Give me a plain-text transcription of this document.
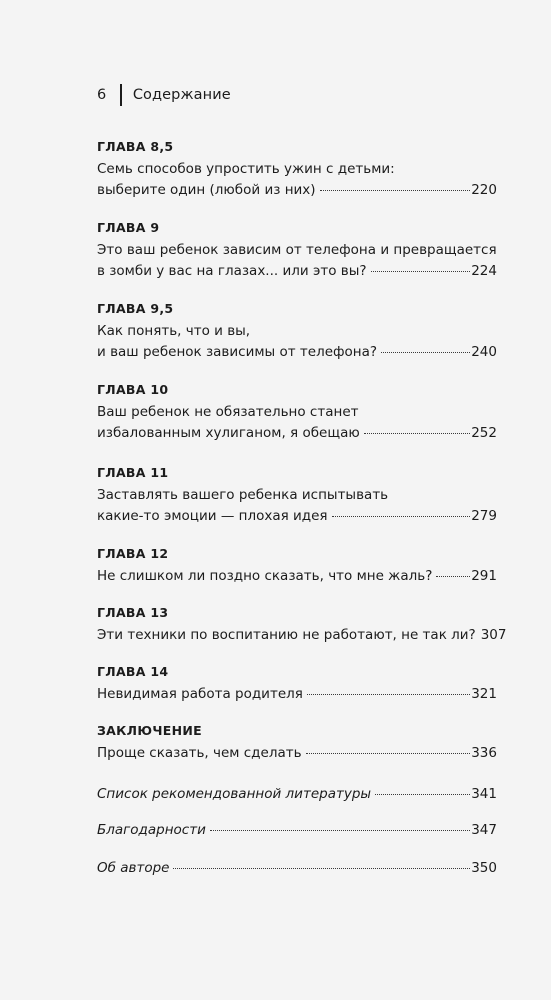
6 Содержание
ГЛАВА 8,5
Семь способов упростить ужин с детьми:
выберите один (любой из них)	220
ГЛАВА 9
Это ваш ребенок зависим от телефона и превращается
в зомби у вас на глазах... или это вы?	224
ГЛАВА 9,5
Как понять, что и вы,
и ваш ребенок зависимы от телефона?	240
ГЛАВА 10
Ваш ребенок не обязательно станет
избалованным хулиганом, я обещаю	252
ГЛАВА 11
Заставлять вашего ребенка испытывать
какие-то эмоции — плохая идея	279
ГЛАВА 12
Не слишком ли поздно сказать, что мне жаль?	291
ГЛАВА 13
Эти техники по воспитанию не работают, не так ли? 307
ГЛАВА 14
Невидимая работа родителя	321
ЗАКЛЮЧЕНИЕ
Проще сказать, чем сделать	336
Список рекомендованной литературы	341
Благодарности	347
Об авторе	350
